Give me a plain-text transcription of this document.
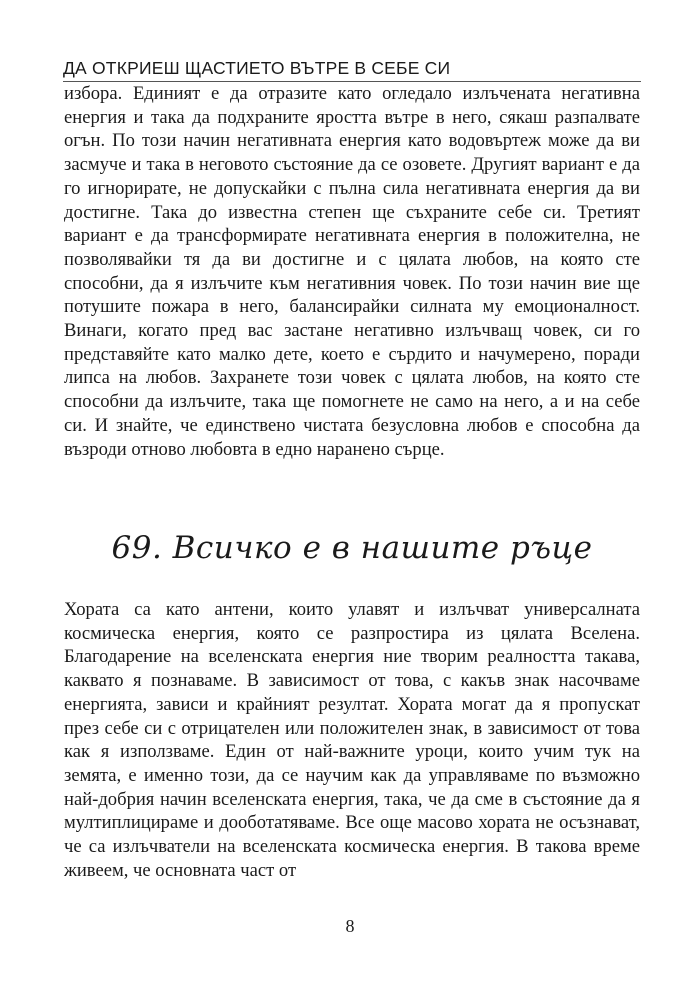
ДА ОТКРИЕШ ЩАСТИЕТО ВЪТРЕ В СЕБЕ СИ

избора. Единият е да отразите като огледало излъчената негативна енергия и така да подхраните яростта вътре в него, сякаш разпалвате огън. По този начин негативната енергия като водовъртеж може да ви засмуче и така в неговото състояние да се озовете. Другият вариант е да го игнорирате, не допускайки с пълна сила негативната енергия да ви достигне. Така до известна степен ще съхраните себе си. Третият вариант е да трансформирате негативната енергия в положителна, не позволявайки тя да ви достигне и с цялата любов, на която сте способни, да я излъчите към негативния човек. По този начин вие ще потушите пожара в него, балансирайки силната му емоционалност. Винаги, когато пред вас застане негативно излъчващ човек, си го представяйте като малко дете, което е сърдито и начумерено, поради липса на любов. Захранете този човек с цялата любов, на която сте способни да излъчите, така ще помогнете не само на него, а и на себе си. И знайте, че единствено чистата безусловна любов е способна да възроди отново любовта в едно наранено сърце.

69. Всичко е в нашите ръце

Хората са като антени, които улавят и излъчват универсалната космическа енергия, която се разпростира из цялата Вселена. Благодарение на вселенската енергия ние творим реалността такава, каквато я познаваме. В зависимост от това, с какъв знак насочваме енергията, зависи и крайният резултат. Хората могат да я пропускат през себе си с отрицателен или положителен знак, в зависимост от това как я използваме. Един от най-важните уроци, които учим тук на земята, е именно този, да се научим как да управляваме по възможно най-добрия начин вселенската енергия, така, че да сме в състояние да я мултиплицираме и дооботатяваме. Все още масово хората не осъзнават, че са излъчватели на вселенската космическа енергия. В такова време живеем, че основната част от

8
